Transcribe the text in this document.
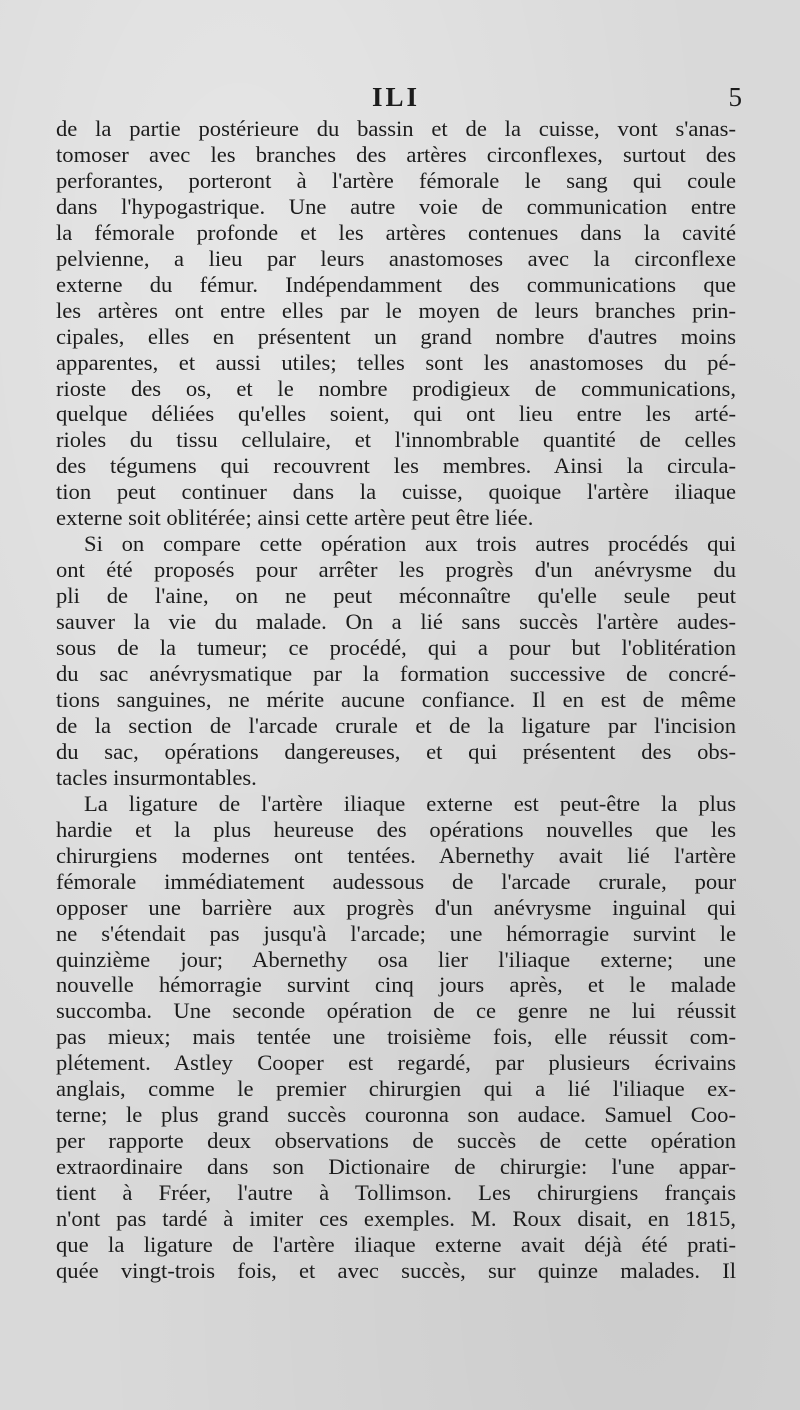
ILI	5
de la partie postérieure du bassin et de la cuisse, vont s'anas-
tomoser avec les branches des artères circonflexes, surtout des
perforantes, porteront à l'artère fémorale le sang qui coule
dans l'hypogastrique. Une autre voie de communication entre
la fémorale profonde et les artères contenues dans la cavité
pelvienne, a lieu par leurs anastomoses avec la circonflexe
externe du fémur. Indépendamment des communications que
les artères ont entre elles par le moyen de leurs branches prin-
cipales, elles en présentent un grand nombre d'autres moins
apparentes, et aussi utiles; telles sont les anastomoses du pé-
rioste des os, et le nombre prodigieux de communications,
quelque déliées qu'elles soient, qui ont lieu entre les arté-
rioles du tissu cellulaire, et l'innombrable quantité de celles
des tégumens qui recouvrent les membres. Ainsi la circula-
tion peut continuer dans la cuisse, quoique l'artère iliaque
externe soit oblitérée; ainsi cette artère peut être liée.
Si on compare cette opération aux trois autres procédés qui
ont été proposés pour arrêter les progrès d'un anévrysme du
pli de l'aine, on ne peut méconnaître qu'elle seule peut
sauver la vie du malade. On a lié sans succès l'artère audes-
sous de la tumeur; ce procédé, qui a pour but l'oblitération
du sac anévrysmatique par la formation successive de concré-
tions sanguines, ne mérite aucune confiance. Il en est de même
de la section de l'arcade crurale et de la ligature par l'incision
du sac, opérations dangereuses, et qui présentent des obs-
tacles insurmontables.
La ligature de l'artère iliaque externe est peut-être la plus
hardie et la plus heureuse des opérations nouvelles que les
chirurgiens modernes ont tentées. Abernethy avait lié l'artère
fémorale immédiatement audessous de l'arcade crurale, pour
opposer une barrière aux progrès d'un anévrysme inguinal qui
ne s'étendait pas jusqu'à l'arcade; une hémorragie survint le
quinzième jour; Abernethy osa lier l'iliaque externe; une
nouvelle hémorragie survint cinq jours après, et le malade
succomba. Une seconde opération de ce genre ne lui réussit
pas mieux; mais tentée une troisième fois, elle réussit com-
plétement. Astley Cooper est regardé, par plusieurs écrivains
anglais, comme le premier chirurgien qui a lié l'iliaque ex-
terne; le plus grand succès couronna son audace. Samuel Coo-
per rapporte deux observations de succès de cette opération
extraordinaire dans son Dictionaire de chirurgie: l'une appar-
tient à Fréer, l'autre à Tollimson. Les chirurgiens français
n'ont pas tardé à imiter ces exemples. M. Roux disait, en 1815,
que la ligature de l'artère iliaque externe avait déjà été prati-
quée vingt-trois fois, et avec succès, sur quinze malades. Il
